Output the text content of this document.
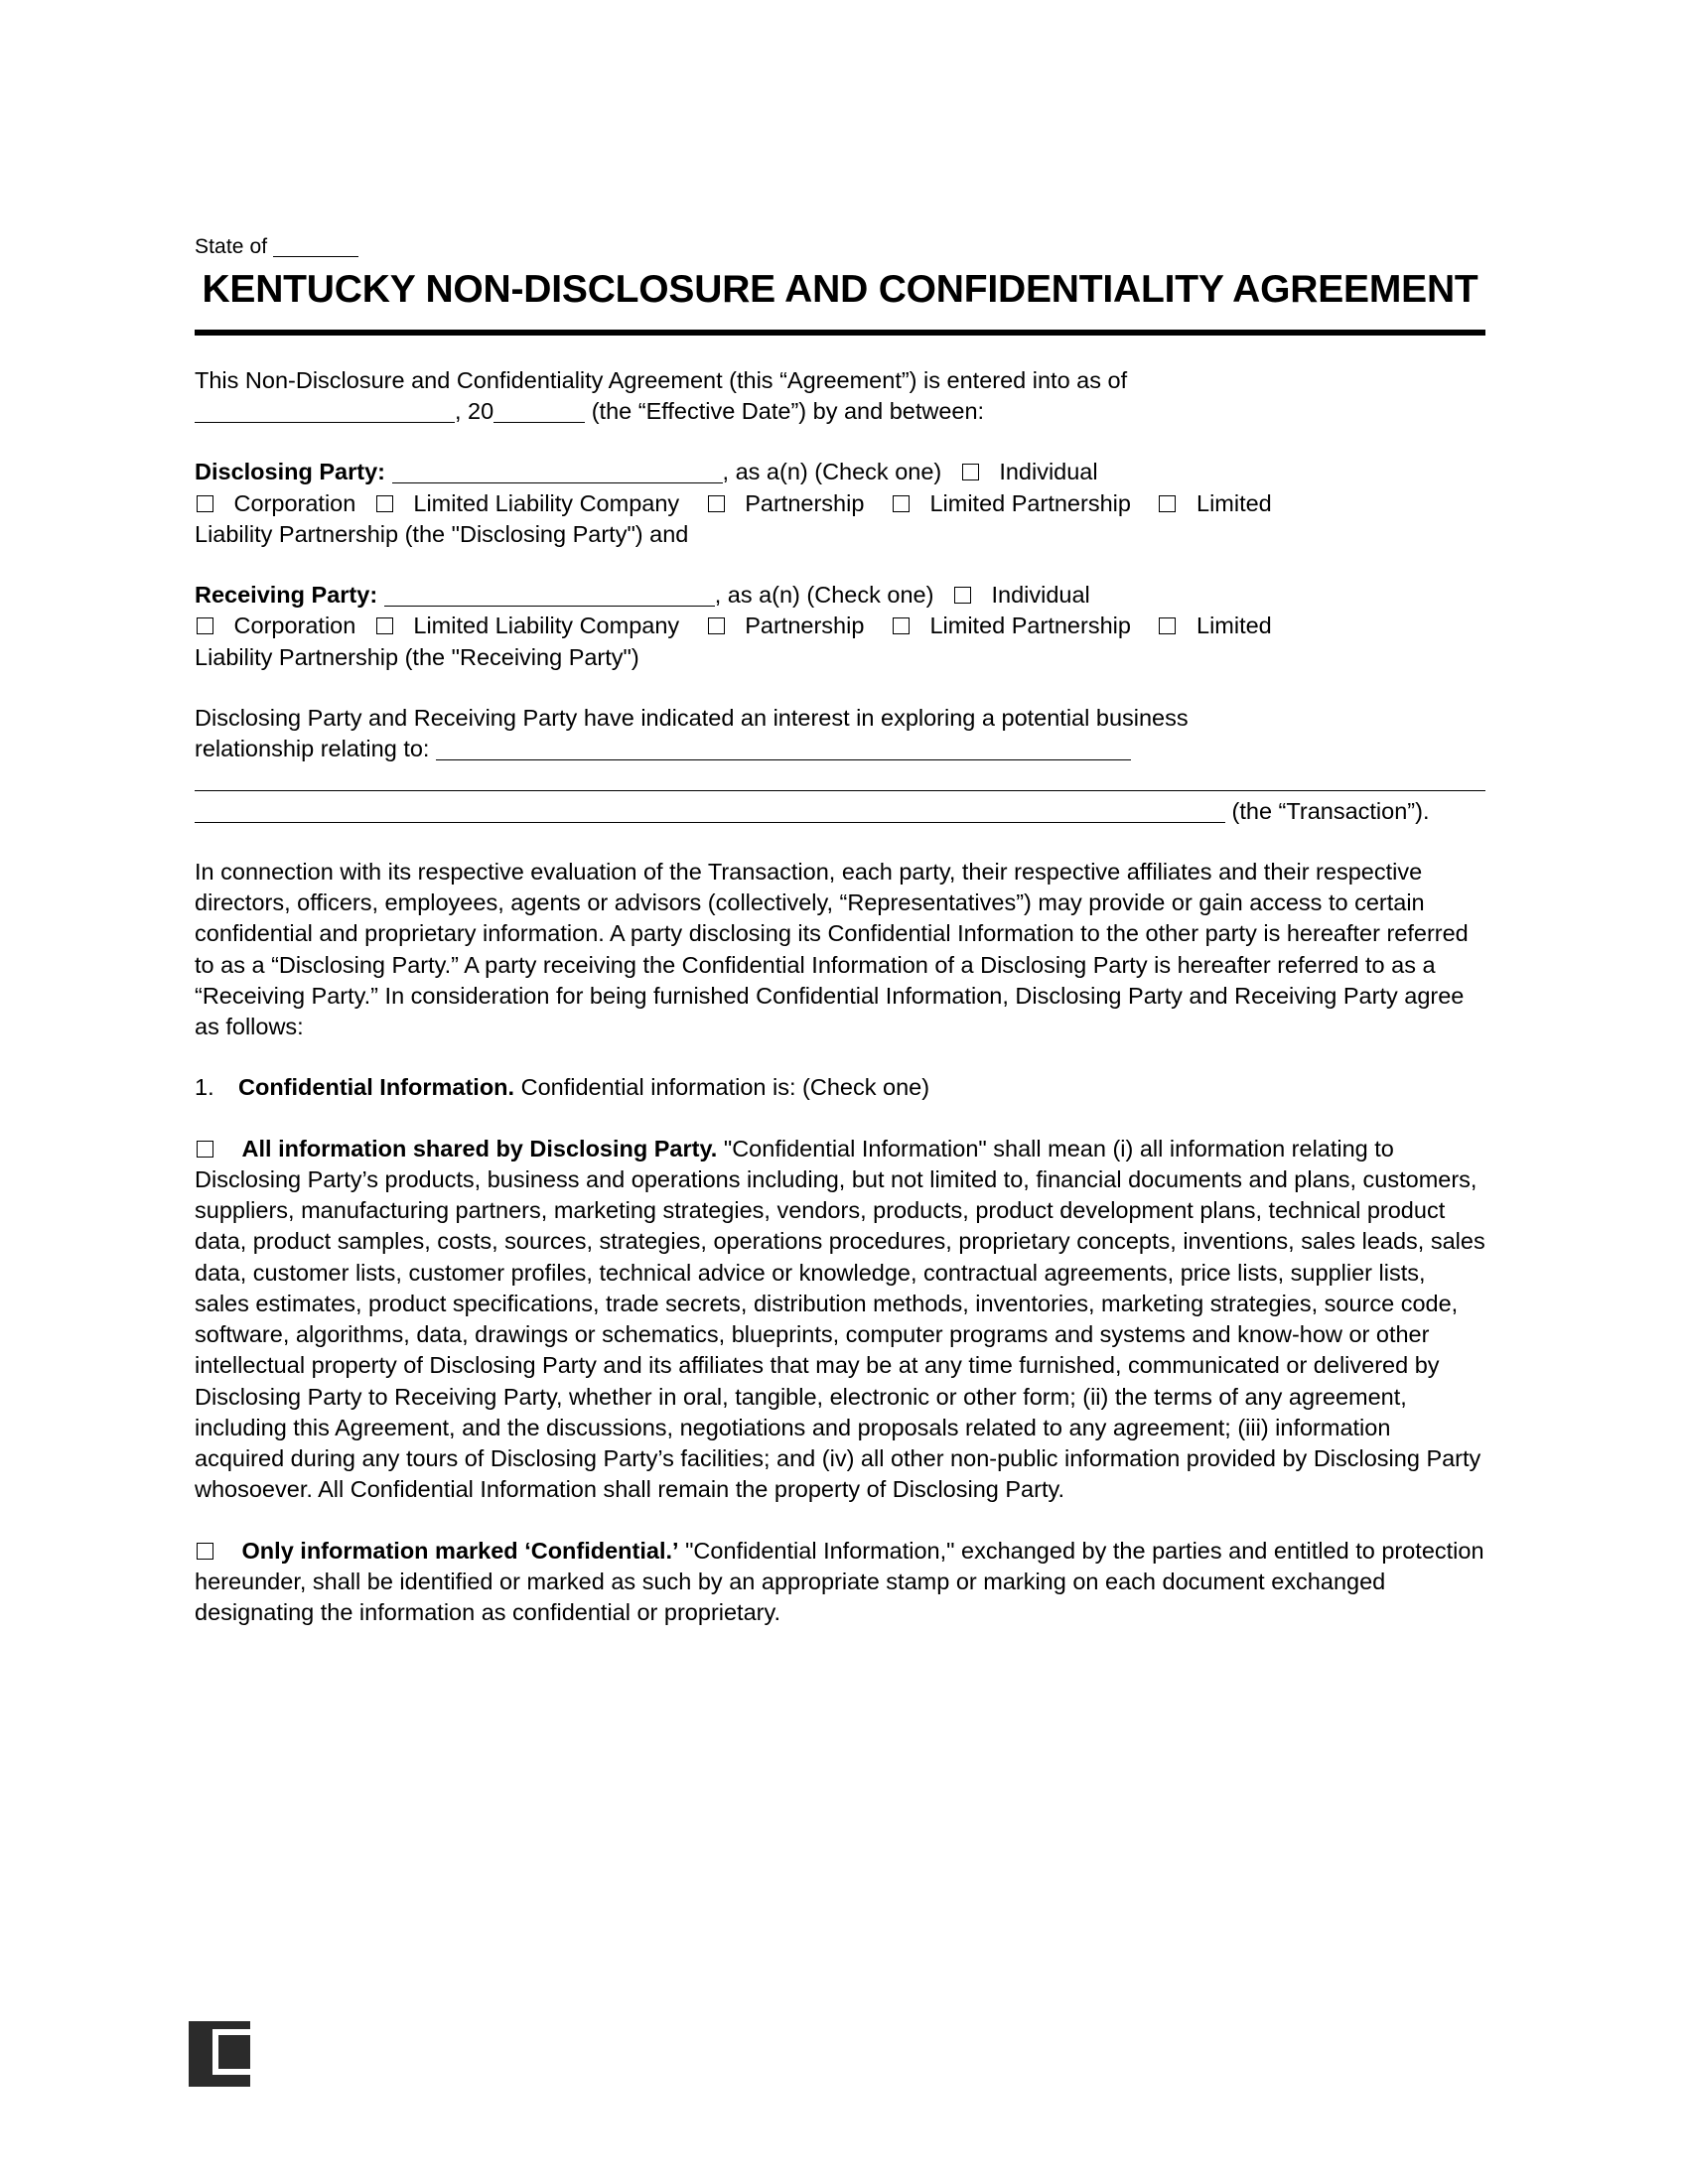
State of
KENTUCKY NON-DISCLOSURE AND CONFIDENTIALITY AGREEMENT

This Non-Disclosure and Confidentiality Agreement (this “Agreement”) is entered into as of
, 20	(the “Effective Date”) by and between:

Disclosing Party:	, as a(n) (Check one) Individual
Corporation Limited Liability Company	Partnership	Limited Partnership	Limited
Liability Partnership (the "Disclosing Party") and

Receiving Party:	, as a(n) (Check one) Individual
Corporation Limited Liability Company	Partnership	Limited Partnership	Limited
Liability Partnership (the "Receiving Party")

Disclosing Party and Receiving Party have indicated an interest in exploring a potential business
relationship relating to:

(the “Transaction”).

In connection with its respective evaluation of the Transaction, each party, their respective affiliates and their respective directors, officers, employees, agents or advisors (collectively, “Representatives”) may provide or gain access to certain confidential and proprietary information. A party disclosing its Confidential Information to the other party is hereafter referred to as a “Disclosing Party.” A party receiving the Confidential Information of a Disclosing Party is hereafter referred to as a “Receiving Party.” In consideration for being furnished Confidential Information, Disclosing Party and Receiving Party agree as follows:

1. Confidential Information. Confidential information is: (Check one)

All information shared by Disclosing Party. "Confidential Information" shall mean (i) all information relating to Disclosing Party’s products, business and operations including, but not limited to, financial documents and plans, customers, suppliers, manufacturing partners, marketing strategies, vendors, products, product development plans, technical product data, product samples, costs, sources, strategies, operations procedures, proprietary concepts, inventions, sales leads, sales data, customer lists, customer profiles, technical advice or knowledge, contractual agreements, price lists, supplier lists, sales estimates, product specifications, trade secrets, distribution methods, inventories, marketing strategies, source code, software, algorithms, data, drawings or schematics, blueprints, computer programs and systems and know-how or other intellectual property of Disclosing Party and its affiliates that may be at any time furnished, communicated or delivered by Disclosing Party to Receiving Party, whether in oral, tangible, electronic or other form; (ii) the terms of any agreement, including this Agreement, and the discussions, negotiations and proposals related to any agreement; (iii) information acquired during any tours of Disclosing Party’s facilities; and (iv) all other non-public information provided by Disclosing Party whosoever. All Confidential Information shall remain the property of Disclosing Party.

Only information marked ‘Confidential.’ "Confidential Information," exchanged by the parties and entitled to protection hereunder, shall be identified or marked as such by an appropriate stamp or marking on each document exchanged designating the information as confidential or proprietary.
